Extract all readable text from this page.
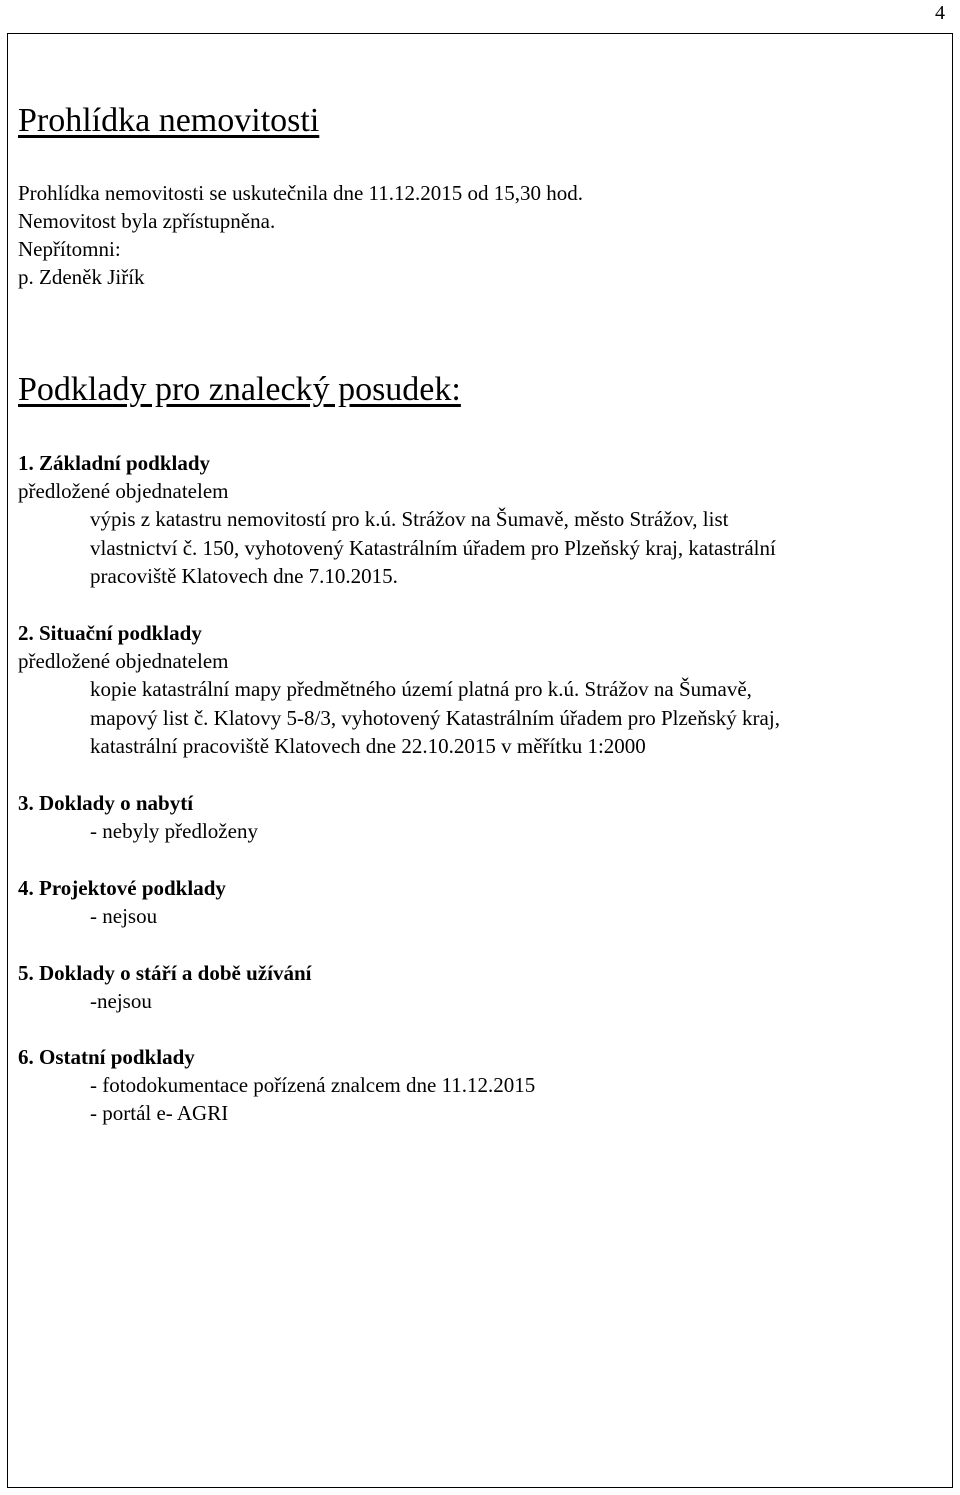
4
Prohlídka nemovitosti
Prohlídka nemovitosti se uskutečnila dne 11.12.2015 od 15,30 hod.
Nemovitost byla zpřístupněna.
Nepřítomni:
p. Zdeněk Jiřík
Podklady pro znalecký posudek:
1. Základní podklady
předložené objednatelem
výpis z katastru nemovitostí pro k.ú. Strážov na Šumavě, město Strážov, list
vlastnictví č. 150, vyhotovený Katastrálním úřadem pro Plzeňský kraj, katastrální
pracoviště Klatovech dne 7.10.2015.
2. Situační podklady
předložené objednatelem
kopie katastrální mapy předmětného území platná pro k.ú. Strážov na Šumavě,
mapový list č. Klatovy 5-8/3, vyhotovený Katastrálním úřadem pro Plzeňský kraj,
katastrální pracoviště Klatovech dne 22.10.2015 v měřítku 1:2000
3. Doklady o nabytí
- nebyly předloženy
4. Projektové podklady
- nejsou
5. Doklady o stáří a době užívání
-nejsou
6. Ostatní podklady
- fotodokumentace pořízená znalcem dne 11.12.2015
- portál e- AGRI
